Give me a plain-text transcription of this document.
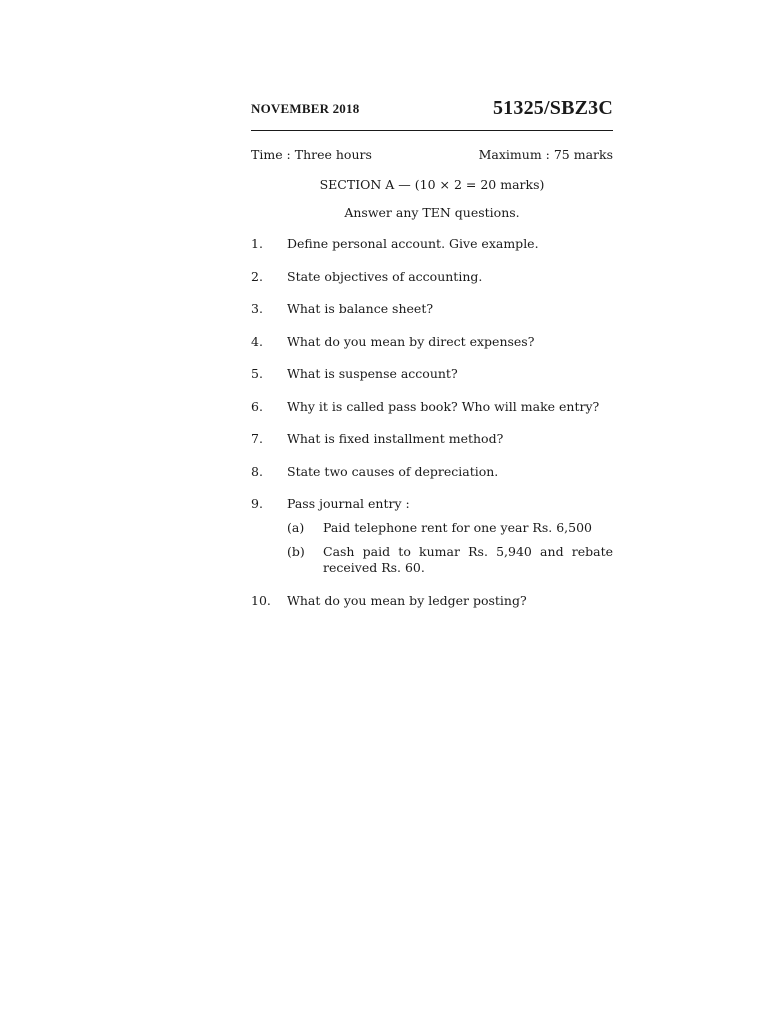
NOVEMBER 2018	51325/SBZ3C
Time : Three hours	Maximum : 75 marks
SECTION A — (10 × 2 = 20 marks)
Answer any TEN questions.
1.	Define personal account. Give example.
2.	State objectives of accounting.
3.	What is balance sheet?
4.	What do you mean by direct expenses?
5.	What is suspense account?
6.	Why it is called pass book? Who will make entry?
7.	What is fixed installment method?
8.	State two causes of depreciation.
9.	Pass journal entry :
(a)	Paid telephone rent for one year Rs. 6,500
(b)	Cash paid to kumar Rs. 5,940 and rebate received Rs. 60.
10.	What do you mean by ledger posting?
